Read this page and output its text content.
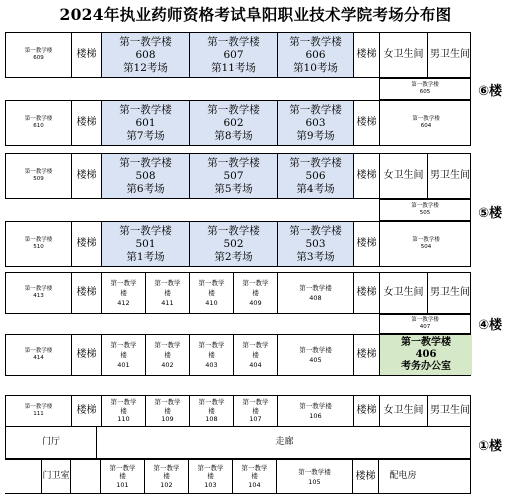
2024年执业药师资格考试阜阳职业技术学院考场分布图
第一教学楼
609	楼梯
第一教学楼
608
第12考场
第一教学楼
607
第11考场
第一教学楼
606
第10考场
楼梯 女卫生间 男卫生间
第一教学楼
605	⑥楼
第一教学楼
610	楼梯
第一教学楼
601
第7考场
第一教学楼
602
第8考场
第一教学楼
603
第9考场
楼梯	第一教学楼
604
第一教学楼
509	楼梯
第一教学楼
508
第6考场
第一教学楼
507
第5考场
第一教学楼
506
第4考场
楼梯 女卫生间 男卫生间
第一教学楼
505	⑤楼
第一教学楼
510	楼梯
第一教学楼
501
第1考场
第一教学楼
502
第2考场
第一教学楼
503
第3考场
楼梯	第一教学楼
504
第一教学楼
413	楼梯
第一教学
楼
412
第一教学
楼
411
第一教学
楼
410
第一教学
楼
409
第一教学楼
408	楼梯 女卫生间 男卫生间
第一教学楼
407	④楼
第一教学楼
414	楼梯
第一教学
楼
401
第一教学
楼
402
第一教学
楼
403
第一教学
楼
404
第一教学楼
405	楼梯
第一教学楼
406
考务办公室
第一教学楼
111	楼梯
第一教学
楼
110
第一教学
楼
109
第一教学
楼
108
第一教学
楼
107
第一教学楼
106	楼梯 女卫生间 男卫生间
门厅	走廊	①楼
门卫室
第一教学
楼
101
第一教学
楼
102
第一教学
楼
103
第一教学
楼
104
第一教学楼
105	楼梯	配电房
